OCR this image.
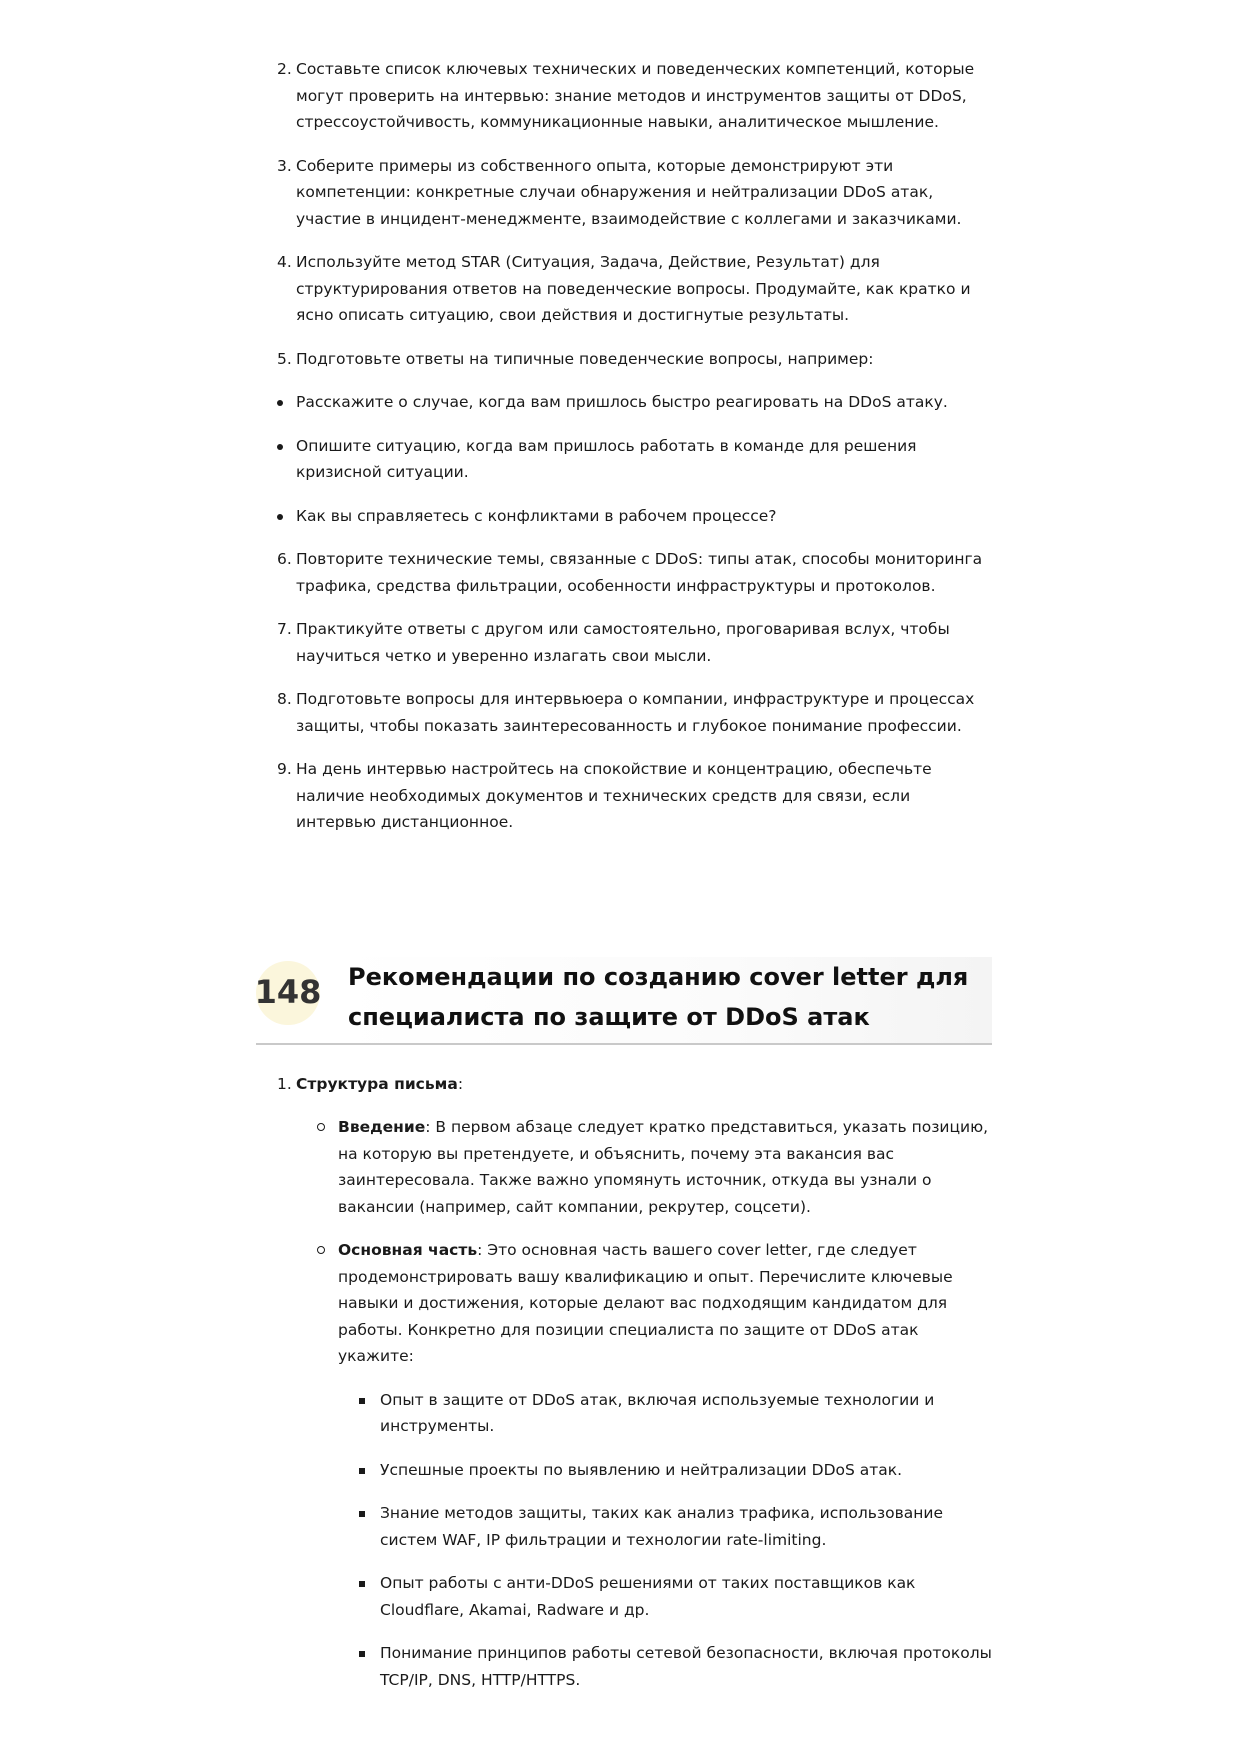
2. Составьте список ключевых технических и поведенческих компетенций, которые могут проверить на интервью: знание методов и инструментов защиты от DDoS, стрессоустойчивость, коммуникационные навыки, аналитическое мышление.
3. Соберите примеры из собственного опыта, которые демонстрируют эти компетенции: конкретные случаи обнаружения и нейтрализации DDoS атак, участие в инцидент-менеджменте, взаимодействие с коллегами и заказчиками.
4. Используйте метод STAR (Ситуация, Задача, Действие, Результат) для структурирования ответов на поведенческие вопросы. Продумайте, как кратко и ясно описать ситуацию, свои действия и достигнутые результаты.
5. Подготовьте ответы на типичные поведенческие вопросы, например:
Расскажите о случае, когда вам пришлось быстро реагировать на DDoS атаку.
Опишите ситуацию, когда вам пришлось работать в команде для решения кризисной ситуации.
Как вы справляетесь с конфликтами в рабочем процессе?
6. Повторите технические темы, связанные с DDoS: типы атак, способы мониторинга трафика, средства фильтрации, особенности инфраструктуры и протоколов.
7. Практикуйте ответы с другом или самостоятельно, проговаривая вслух, чтобы научиться четко и уверенно излагать свои мысли.
8. Подготовьте вопросы для интервьюера о компании, инфраструктуре и процессах защиты, чтобы показать заинтересованность и глубокое понимание профессии.
9. На день интервью настройтесь на спокойствие и концентрацию, обеспечьте наличие необходимых документов и технических средств для связи, если интервью дистанционное.
148 Рекомендации по созданию cover letter для специалиста по защите от DDoS атак
1. Структура письма:
Введение: В первом абзаце следует кратко представиться, указать позицию, на которую вы претендуете, и объяснить, почему эта вакансия вас заинтересовала. Также важно упомянуть источник, откуда вы узнали о вакансии (например, сайт компании, рекрутер, соцсети).
Основная часть: Это основная часть вашего cover letter, где следует продемонстрировать вашу квалификацию и опыт. Перечислите ключевые навыки и достижения, которые делают вас подходящим кандидатом для работы. Конкретно для позиции специалиста по защите от DDoS атак укажите:
Опыт в защите от DDoS атак, включая используемые технологии и инструменты.
Успешные проекты по выявлению и нейтрализации DDoS атак.
Знание методов защиты, таких как анализ трафика, использование систем WAF, IP фильтрации и технологии rate-limiting.
Опыт работы с анти-DDoS решениями от таких поставщиков как Cloudflare, Akamai, Radware и др.
Понимание принципов работы сетевой безопасности, включая протоколы TCP/IP, DNS, HTTP/HTTPS.
